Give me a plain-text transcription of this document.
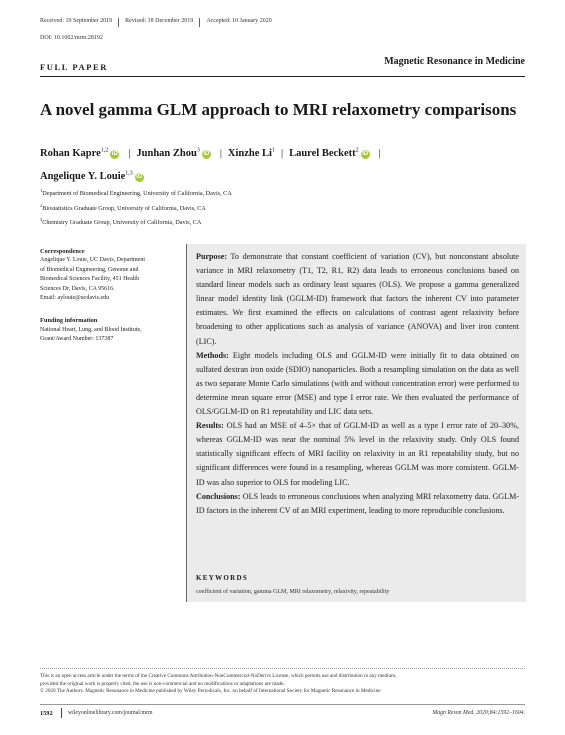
Received: 19 September 2019 Revised: 18 December 2019 Accepted: 10 January 2020
DOI: 10.1002/mrm.28192
FULL PAPER	Magnetic Resonance in Medicine
A novel gamma GLM approach to MRI relaxometry comparisons
Rohan Kapre$^{1,2}$iD | Junhan Zhou$^3$iD | Xinzhe Li$^1$ | Laurel Beckett$^2$iD |
Angelique Y. Louie$^{1,3}$iD
$^1$Department of Biomedical Engineering, University of California, Davis, CA
$^2$Biostatistics Graduate Group, University of California, Davis, CA
$^3$Chemistry Graduate Group, University of California, Davis, CA

Correspondence

Angelique Y. Louie, UC Davis, Department

of Biomedical Engineering, Genome and

Biomedical Sciences Facility, 451 Health

Sciences Dr, Davis, CA 95616.

Email: aylouie@ucdavis.edu

Funding information

National Heart, Lung, and Blood Institute,

Grant/Award Number: 137387

Purpose: To demonstrate that constant coefficient of variation (CV), but nonconstant absolute variance in MRI relaxometry (T1, T2, R1, R2) data leads to erroneous conclusions based on standard linear models such as ordinary least squares (OLS). We propose a gamma generalized linear model identity link (GGLM-ID) framework that factors the inherent CV into parameter estimates. We first examined the effects on calculations of contrast agent relaxivity before broadening to other applications such as analysis of variance (ANOVA) and liver iron content (LIC).

Methods: Eight models including OLS and GGLM-ID were initially fit to data obtained on sulfated dextran iron oxide (SDIO) nanoparticles. Both a resampling simulation on the data as well as two separate Monte Carlo simulations (with and without concentration error) were performed to determine mean square error (MSE) and type I error rate. We then evaluated the performance of OLS/GGLM-ID on R1 repeatability and LIC data sets.

Results: OLS had an MSE of 4–5× that of GGLM-ID as well as a type I error rate of 20–30%, whereas GGLM-ID was near the nominal 5% level in the relaxivity study. Only OLS found statistically significant effects of MRI facility on relaxivity in an R1 repeatability study, but no significant differences were found in a resampling, whereas GGLM was more consistent. GGLM-ID was also superior to OLS for modeling LIC.

Conclusions: OLS leads to erroneous conclusions when analyzing MRI relaxometry data. GGLM-ID factors in the inherent CV of an MRI experiment, leading to more reproducible conclusions.

KEYWORDS
coefficient of variation, gamma GLM, MRI relaxometry, relaxivity, repeatability

This is an open access article under the terms of the Creative Commons Attribution-NonCommercial-NoDerivs License, which permits use and distribution in any medium,

provided the original work is properly cited, the use is non-commercial and no modifications or adaptations are made.

© 2020 The Authors. Magnetic Resonance in Medicine published by Wiley Periodicals, Inc. on behalf of International Society for Magnetic Resonance in Medicine

1592	wileyonlinelibrary.com/journal/mrm	Magn Reson Med. 2020;84:1592–1604.
